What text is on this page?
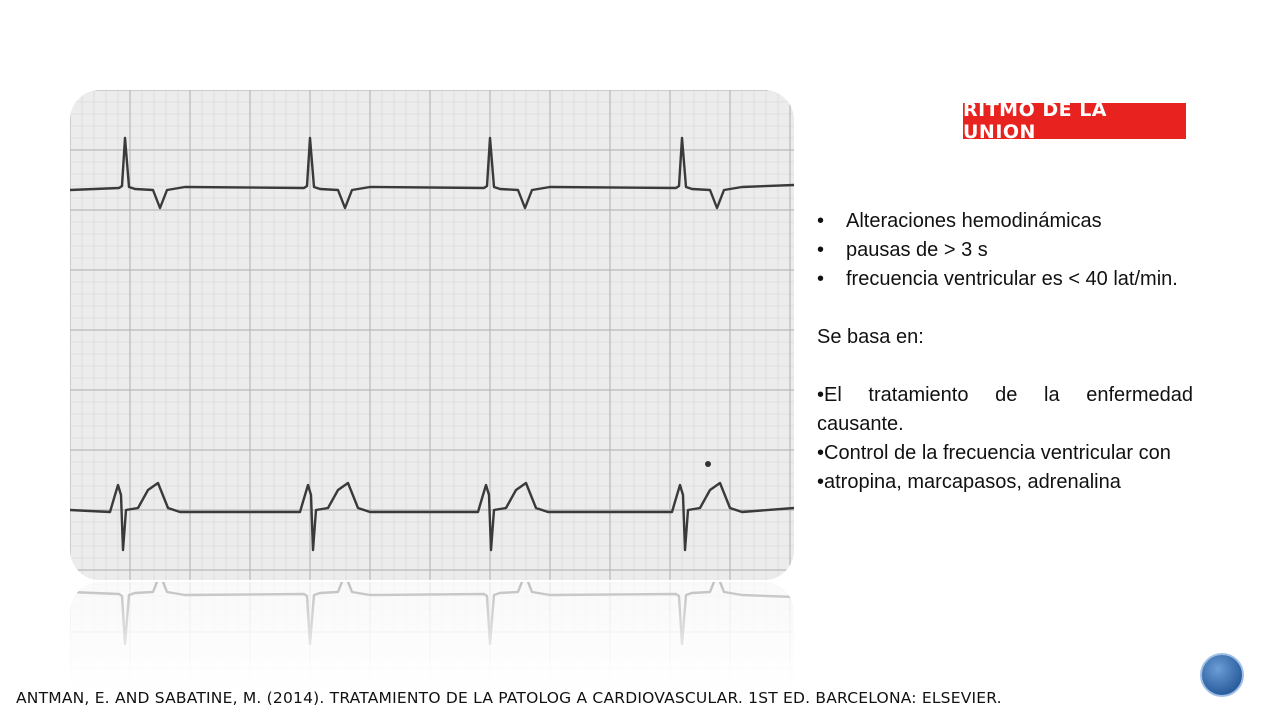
RITMO DE LA UNION
• Alteraciones hemodinámicas
• pausas de > 3 s
• frecuencia ventricular es < 40 lat/min.

Se basa en:

•El tratamiento de la enfermedad causante.

•Control de la frecuencia ventricular con

•atropina, marcapasos, adrenalina

ANTMAN, E. AND SABATINE, M. (2014). TRATAMIENTO DE LA PATOLOG A CARDIOVASCULAR. 1ST ED. BARCELONA: ELSEVIER.
